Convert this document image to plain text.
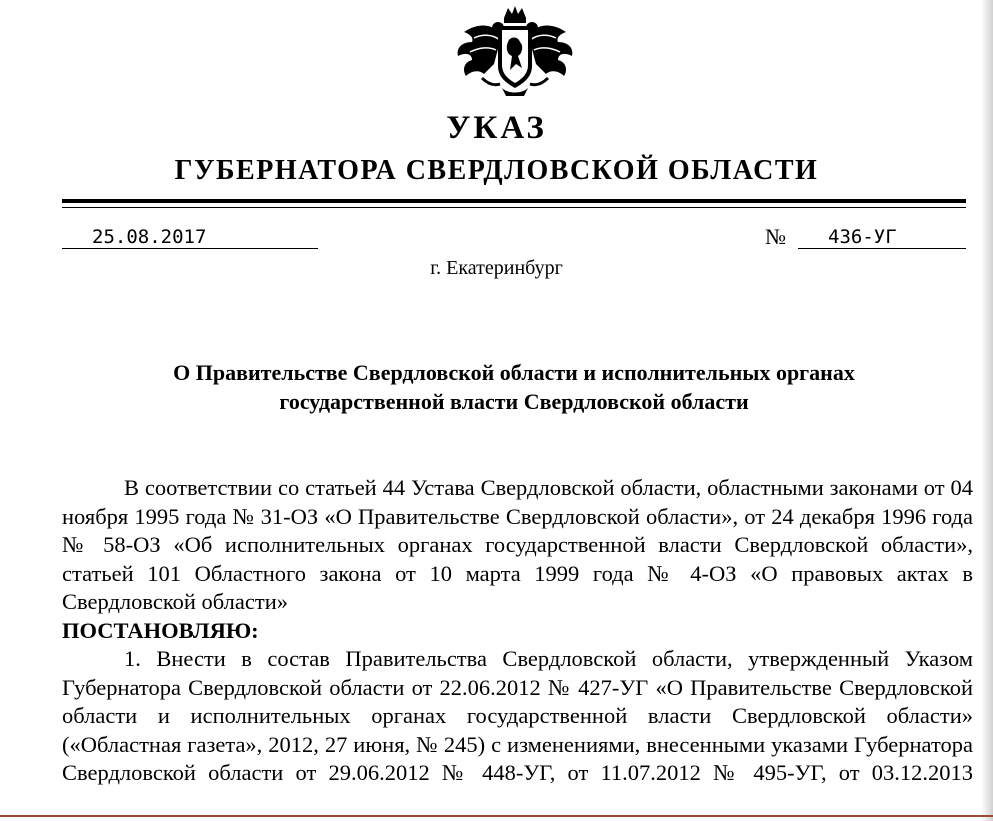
УКАЗ
ГУБЕРНАТОРА СВЕРДЛОВСКОЙ ОБЛАСТИ
25.08.2017	№ 436-УГ
г. Екатеринбург
О Правительстве Свердловской области и исполнительных органах
государственной власти Свердловской области

В соответствии со статьей 44 Устава Свердловской области, областными законами от 04 ноября 1995 года № 31-ОЗ «О Правительстве Свердловской области», от 24 декабря 1996 года № 58-ОЗ «Об исполнительных органах государственной власти Свердловской области», статьей 101 Областного закона от 10 марта 1999 года № 4-ОЗ «О правовых актах в Свердловской области»

ПОСТАНОВЛЯЮ:

1. Внести в состав Правительства Свердловской области, утвержденный Указом Губернатора Свердловской области от 22.06.2012 № 427-УГ «О Правительстве Свердловской области и исполнительных органах государственной власти Свердловской области» («Областная газета», 2012, 27 июня, № 245) с изменениями, внесенными указами Губернатора Свердловской области от 29.06.2012 № 448-УГ, от 11.07.2012 № 495-УГ, от 03.12.2013
